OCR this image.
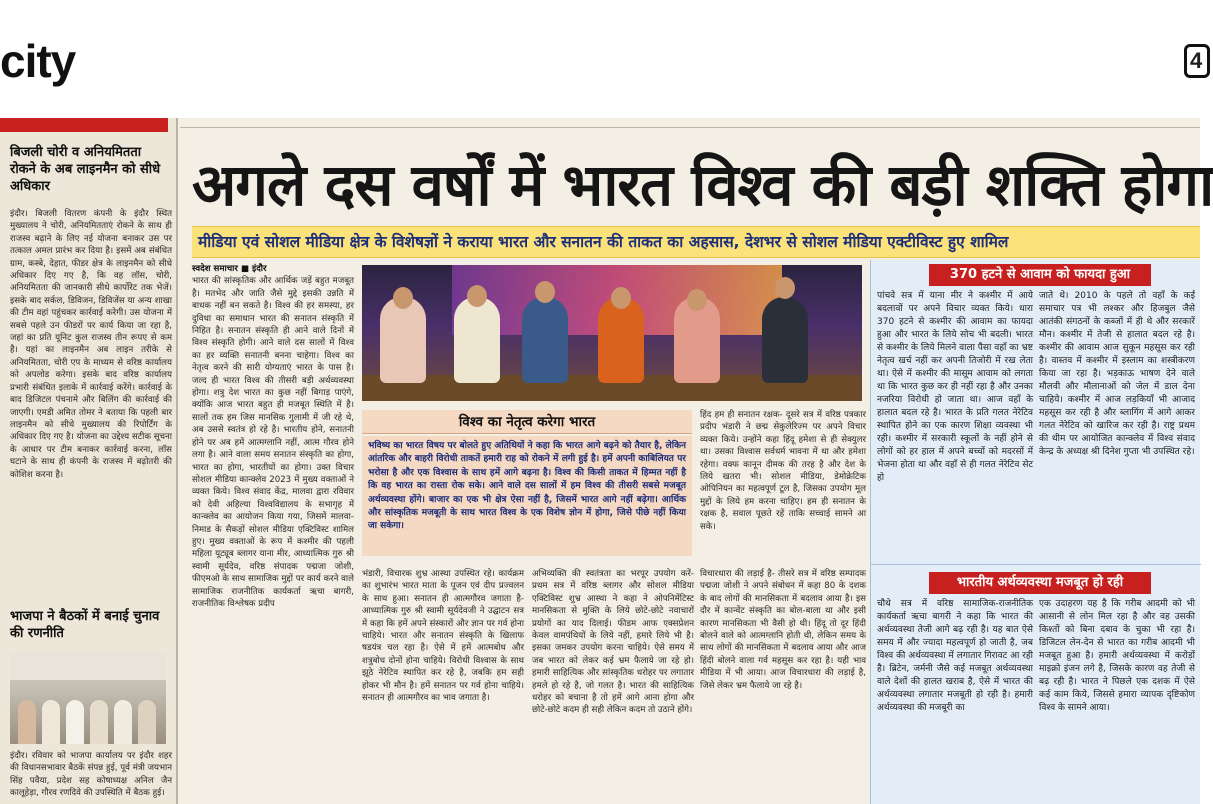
city	4
बिजली चोरी व अनियमितता रोकने के अब लाइनमैन को सीधे अधिकार

इंदौर। बिजली वितरण कंपनी के इंदौर स्थित मुख्यालय ने चोरी, अनियमितताएं रोकने के साथ ही राजस्व बढ़ाने के लिए नई योजना बनाकर उस पर तत्काल अमल प्रारंभ कर दिया है। इसमें अब संबंधित ग्राम, कस्बे, देहात, फीडर क्षेत्र के लाइनमैन को सीधे अधिकार दिए गए है, कि वह लॉस, चोरी, अनियमितता की जानकारी सीधे कार्पोरेट तक भेजें। इसके बाद सर्कल, डिविजन, डिविजेंस या अन्य शाखा की टीम वहां पहुंचकर कार्रवाई करेगी। उस योजना में सबसे पहले उन फीडरों पर कार्य किया जा रहा है, जहां का प्रति यूनिट कुल राजस्व तीन रूपए से कम है। यहां का लाइनमैन अब लाइन तरीके से अनियमितता, चोरी एप के माध्यम से वरिष्ठ कार्यालय को अपलोड करेगा। इसके बाद वरिष्ठ कार्यालय प्रभारी संबंधित इलाके में कार्रवाई करेंगे। कार्रवाई के बाद डिजिटल पंचनामे और बिलिंग की कार्रवाई की जाएगी। एमडी अमित तोमर ने बताया कि पहली बार लाइनमैन को सीधे मुख्यालय की रिपोर्टिंग के अधिकार दिए गए है। योजना का उद्देश्य सटीक सूचना के आधार पर टीम बनाकर कार्रवाई करना, लॉस घटाने के साथ ही कंपनी के राजस्व में बढ़ोतरी की कोशिश करना है।

भाजपा ने बैठकों में बनाई चुनाव की रणनीति

इंदौर। रविवार को भाजपा कार्यालय पर इंदौर शहर की विधानसभावार बैठकें संपन्न हुई, पूर्व मंत्री जयभान सिंह पवैया, प्रदेश सह कोषाध्यक्ष अनिल जैन कालूहेड़ा, गौरव रणदिवे की उपस्थिति में बैठक हुई।

अगले दस वर्षों में भारत विश्व की बड़ी शक्ति होगा
मीडिया एवं सोशल मीडिया क्षेत्र के विशेषज्ञों ने कराया भारत और सनातन की ताकत का अहसास, देशभर से सोशल मीडिया एक्टीविस्ट हुए शामिल
स्वदेश समाचार ■ इंदौर
भारत की सांस्कृतिक और आर्थिक जड़ें बहुत मजबूत है। मतभेद और जाति जैसे मुद्दे इसकी उन्नति में बाधक नहीं बन सकते है। विश्व की हर समस्या, हर दुविधा का समाधान भारत की सनातन संस्कृति में निहित है। सनातन संस्कृति ही आने वाले दिनों में विश्व संस्कृति होगी। आने वाले दस सालों में विश्व का हर व्यक्ति सनातनी बनना चाहेगा। विश्व का नेतृत्व करने की सारी योग्यताएं भारत के पास है। जल्द ही भारत विश्व की तीसरी बड़ी अर्थव्यवस्था होगा। शत्रु देश भारत का कुछ नहीं बिगाड़ पाएंगे, क्योंकि आज भारत बहुत ही मजबूत स्थिति में है। सालों तक हम जिस मानसिक गुलामी में जी रहे थे, अब उससे स्वतंत्र हो रहे है। भारतीय होने, सनातनी होने पर अब हमें आत्मग्लानि नहीं, आत्म गौरव होने लगा है। आने वाला समय सनातन संस्कृति का होगा, भारत का होगा, भारतीयों का होगा। उक्त विचार सोशल मीडिया कान्क्लेव 2023 में मुख्य वक्ताओं ने व्यक्त किये। विश्व संवाद केंद्र, मालवा द्वारा रविवार को देवी अहिल्या विश्वविद्यालय के सभागृह में कान्क्लेव का आयोजन किया गया, जिसमें मालवा-निमाड के सैकड़ों सोशल मीडिया एक्टिविस्ट शामिल हुए। मुख्य वक्ताओं के रूप में कश्मीर की पहली महिला यूट्यूब ब्लागर याना मीर, आध्यात्मिक गुरु श्री स्वामी सूर्यदेव, वरिष्ठ संपादक पद्मजा जोशी, फीएमओ के साथ सामाजिक मुद्दों पर कार्य करने वाले सामाजिक राजनीतिक कार्यकर्ता ऋचा बागरी, राजनीतिक विश्लेषक प्रदीप
विश्व का नेतृत्व करेगा भारत
भविष्य का भारत विषय पर बोलते हुए अतिथियों ने कहा कि भारत आगे बढ़ने को तैयार है, लेकिन आंतरिक और बाहरी विरोधी ताकतें हमारी राह को रोकने में लगी हुई है। हमें अपनी काबिलियत पर भरोसा है और एक विश्वास के साथ हमें आगे बढ़ना है। विश्व की किसी ताकत में हिम्मत नहीं है कि वह भारत का रास्ता रोक सके। आने वाले दस सालों में हम विश्व की तीसरी सबसे मजबूत अर्थव्यवस्था होंगे। बाजार का एक भी क्षेत्र ऐसा नहीं है, जिसमें भारत आगे नहीं बढ़ेगा। आर्थिक और सांस्कृतिक मजबूती के साथ भारत विश्व के एक विशेष ज्ञोन में होगा, जिसे पीछे नहीं किया जा सकेगा।
हिंद हम ही सनातन रक्षक- दूसरे सत्र में वरिष्ठ पत्रकार प्रदीप भंडारी ने छद्म सेकुलेरिज्म पर अपने विचार व्यक्त किये। उन्होंने कहा हिंदू हमेशा से ही सेक्युलर था। उसका विश्वास सर्वधर्म भावना में था और हमेशा रहेगा। वक्फ कानून दीमक की तरह है और देश के लिये खतरा भी। सोशल मीडिया, डेमोक्रेटिक ओपिनियन का महत्वपूर्ण टूल है, जिसका उपयोग मूल मुद्दों के लिये हम करना चाहिए। हम ही सनातन के रक्षक है, सवाल पूछते रहें ताकि सच्चाई सामने आ सके।
भंडारी, विचारक शुभ्र आस्था उपस्थित रहे। कार्यक्रम का शुभारंभ भारत माता के पूजन एवं दीप प्रज्वलन के साथ हुआ। सनातन ही आत्मगौरव जगाता है- आध्यात्मिक गुरु श्री स्वामी सूर्यदेवजी ने उद्घाटन सत्र में कहा कि हमें अपने संस्कारों और ज्ञान पर गर्व होना चाहिये। भारत और सनातन संस्कृति के खिलाफ षडयंत्र चल रहा है। ऐसे में हमें आत्मबोध और शत्रुबोध दोनों होना चाहिये। विरोधी विश्वास के साथ झूठे नेरेटिव स्थापित कर रहे है, जबकि हम सही होकर भी मौन है। हमें सनातन पर गर्व होना चाहिये। सनातन ही आत्मगौरव का भाव जगाता है।
अभिव्यक्ति की स्वतंत्रता का भरपूर उपयोग करें- प्रथम सत्र में वरिष्ठ ब्लागर और सोशल मीडिया एक्टिविस्ट शुभ्र आस्था ने कहा ने ओपनिमेंटिस्ट मानसिकता से मुक्ति के लिये छोटे-छोटे नवाचारों प्रयोगों का याद दिलाई। फीडम आफ एक्सप्रेशन केवल वामपंथियों के लिये नहीं, हमारे लिये भी है। इसका जमकर उपयोग करना चाहिये। ऐसे समय में जब भारत को लेकर कई भ्रम फैलाये जा रहे हो। हमारी साहित्यिक और सांस्कृतिक धरोहर पर लगातार हमले हो रहे है, जो गलत है। भारत की साहित्यिक धरोहर को बचाना है तो हमें आगे आना होगा और छोटे-छोटे कदम ही सही लेकिन कदम तो उठाने होंगे।
विचारधारा की लड़ाई है- तीसरे सत्र में वरिष्ठ सम्पादक पद्मजा जोशी ने अपने संबोधन में कहा 80 के दशक के बाद लोगों की मानसिकता में बदलाव आया है। इस दौर में कान्वेंट संस्कृति का बोल-बाला था और इसी कारण मानसिकता भी वैसी हो थी। हिंदू तो दूर हिंदी बोलने वाले को आत्मग्लानि होती थी, लेकिन समय के साथ लोगों की मानसिकता में बदलाव आया और आज हिंदी बोलने वाला गर्व महसूस कर रहा है। यही भाव मीडिया में भी आया। आज विचारधारा की लड़ाई है, जिसे लेकर भ्रम फैलाये जा रहे है।
370 हटने से आवाम को फायदा हुआ
पांचवे सत्र में याना मीर ने कश्मीर में आये बदलावों पर अपने विचार व्यक्त किये। धारा 370 हटने से कश्मीर की आवाम का फायदा हुआ और भारत के लिये सोच भी बदली। भारत से कश्मीर के लिये मिलने वाला पैसा वहाँ का भ्रष्ट नेतृत्व खर्च नहीं कर अपनी तिजोरी में रख लेता था। ऐसे में कश्मीर की मासूम आवाम को लगता था कि भारत कुछ कर ही नहीं रहा है और उनका नजरिया विरोधी हो जाता था। आज वहाँ के हालात बदल रहे है। भारत के प्रति गलत नेरेटिव स्थापित होने का एक कारण शिक्षा व्यवस्था भी रही। कश्मीर में सरकारी स्कूलों के नहीं होने से लोगों को हर हाल में अपने बच्चों को मदरसों में भेजना होता था और वहाँ से ही गलत नेरेटिव सेट हो
जाते थे। 2010 के पहले तो वहाँ के कई समाचार पत्र भी लश्कर और हिजबुल जैसे आतंकी संगठनों के कब्जों में ही थे और सरकारें मौन। कश्मीर में तेजी से हालात बदल रहे है। कश्मीर की आवाम आज सुकून महसूस कर रही है। वास्तव में कश्मीर में इस्लाम का शस्त्रीकरण किया जा रहा है। भड़काऊ भाषण देने वाले मौलवी और मौलानाओं को जेल में डाल देना चाहिये। कश्मीर में आज लड़कियाँ भी आजाद महसूस कर रही है और ब्लागिंग में आगे आकर गलत नेरेटिव को खारिज कर रही है। राष्ट्र प्रथम की थीम पर आयोजित कान्क्लेव में विश्व संवाद केन्द्र के अध्यक्ष श्री दिनेश गुप्ता भी उपस्थित रहे।
भारतीय अर्थव्यवस्था मजबूत हो रही
चौथे सत्र में वरिष्ठ सामाजिक-राजनीतिक कार्यकर्ता ऋचा बागरी ने कहा कि भारत की अर्थव्यवस्था तेजी आगे बढ़ रही है। यह बात ऐसे समय में और ज्यादा महत्वपूर्ण हो जाती है, जब विश्व की अर्थव्यवस्था में लगातार गिरावट आ रही है। ब्रिटेन, जर्मनी जैसे कई मजबूत अर्थव्यवस्था वाले देशों की हालत खराब है, ऐसे में भारत की अर्थव्यवस्था लगातार मजबूती हो रही है। हमारी अर्थव्यवस्था की मजबूरी का
एक उदाहरण यह है कि गरीब आदमी को भी आसानी से लोन मिल रहा है और वह उसकी किश्तों को बिना दबाव के चुका भी रहा है। डिजिटल लेन-देन से भारत का गरीब आदमी भी मजबूत हुआ है। हमारी अर्थव्यवस्था में करोड़ों माइक्रो इंजन लगे है, जिसके कारण वह तेजी से बढ़ रही है। भारत ने पिछले एक दशक में ऐसे कई काम किये, जिससे हमारा व्यापक दृष्टिकोण विश्व के सामने आया।
